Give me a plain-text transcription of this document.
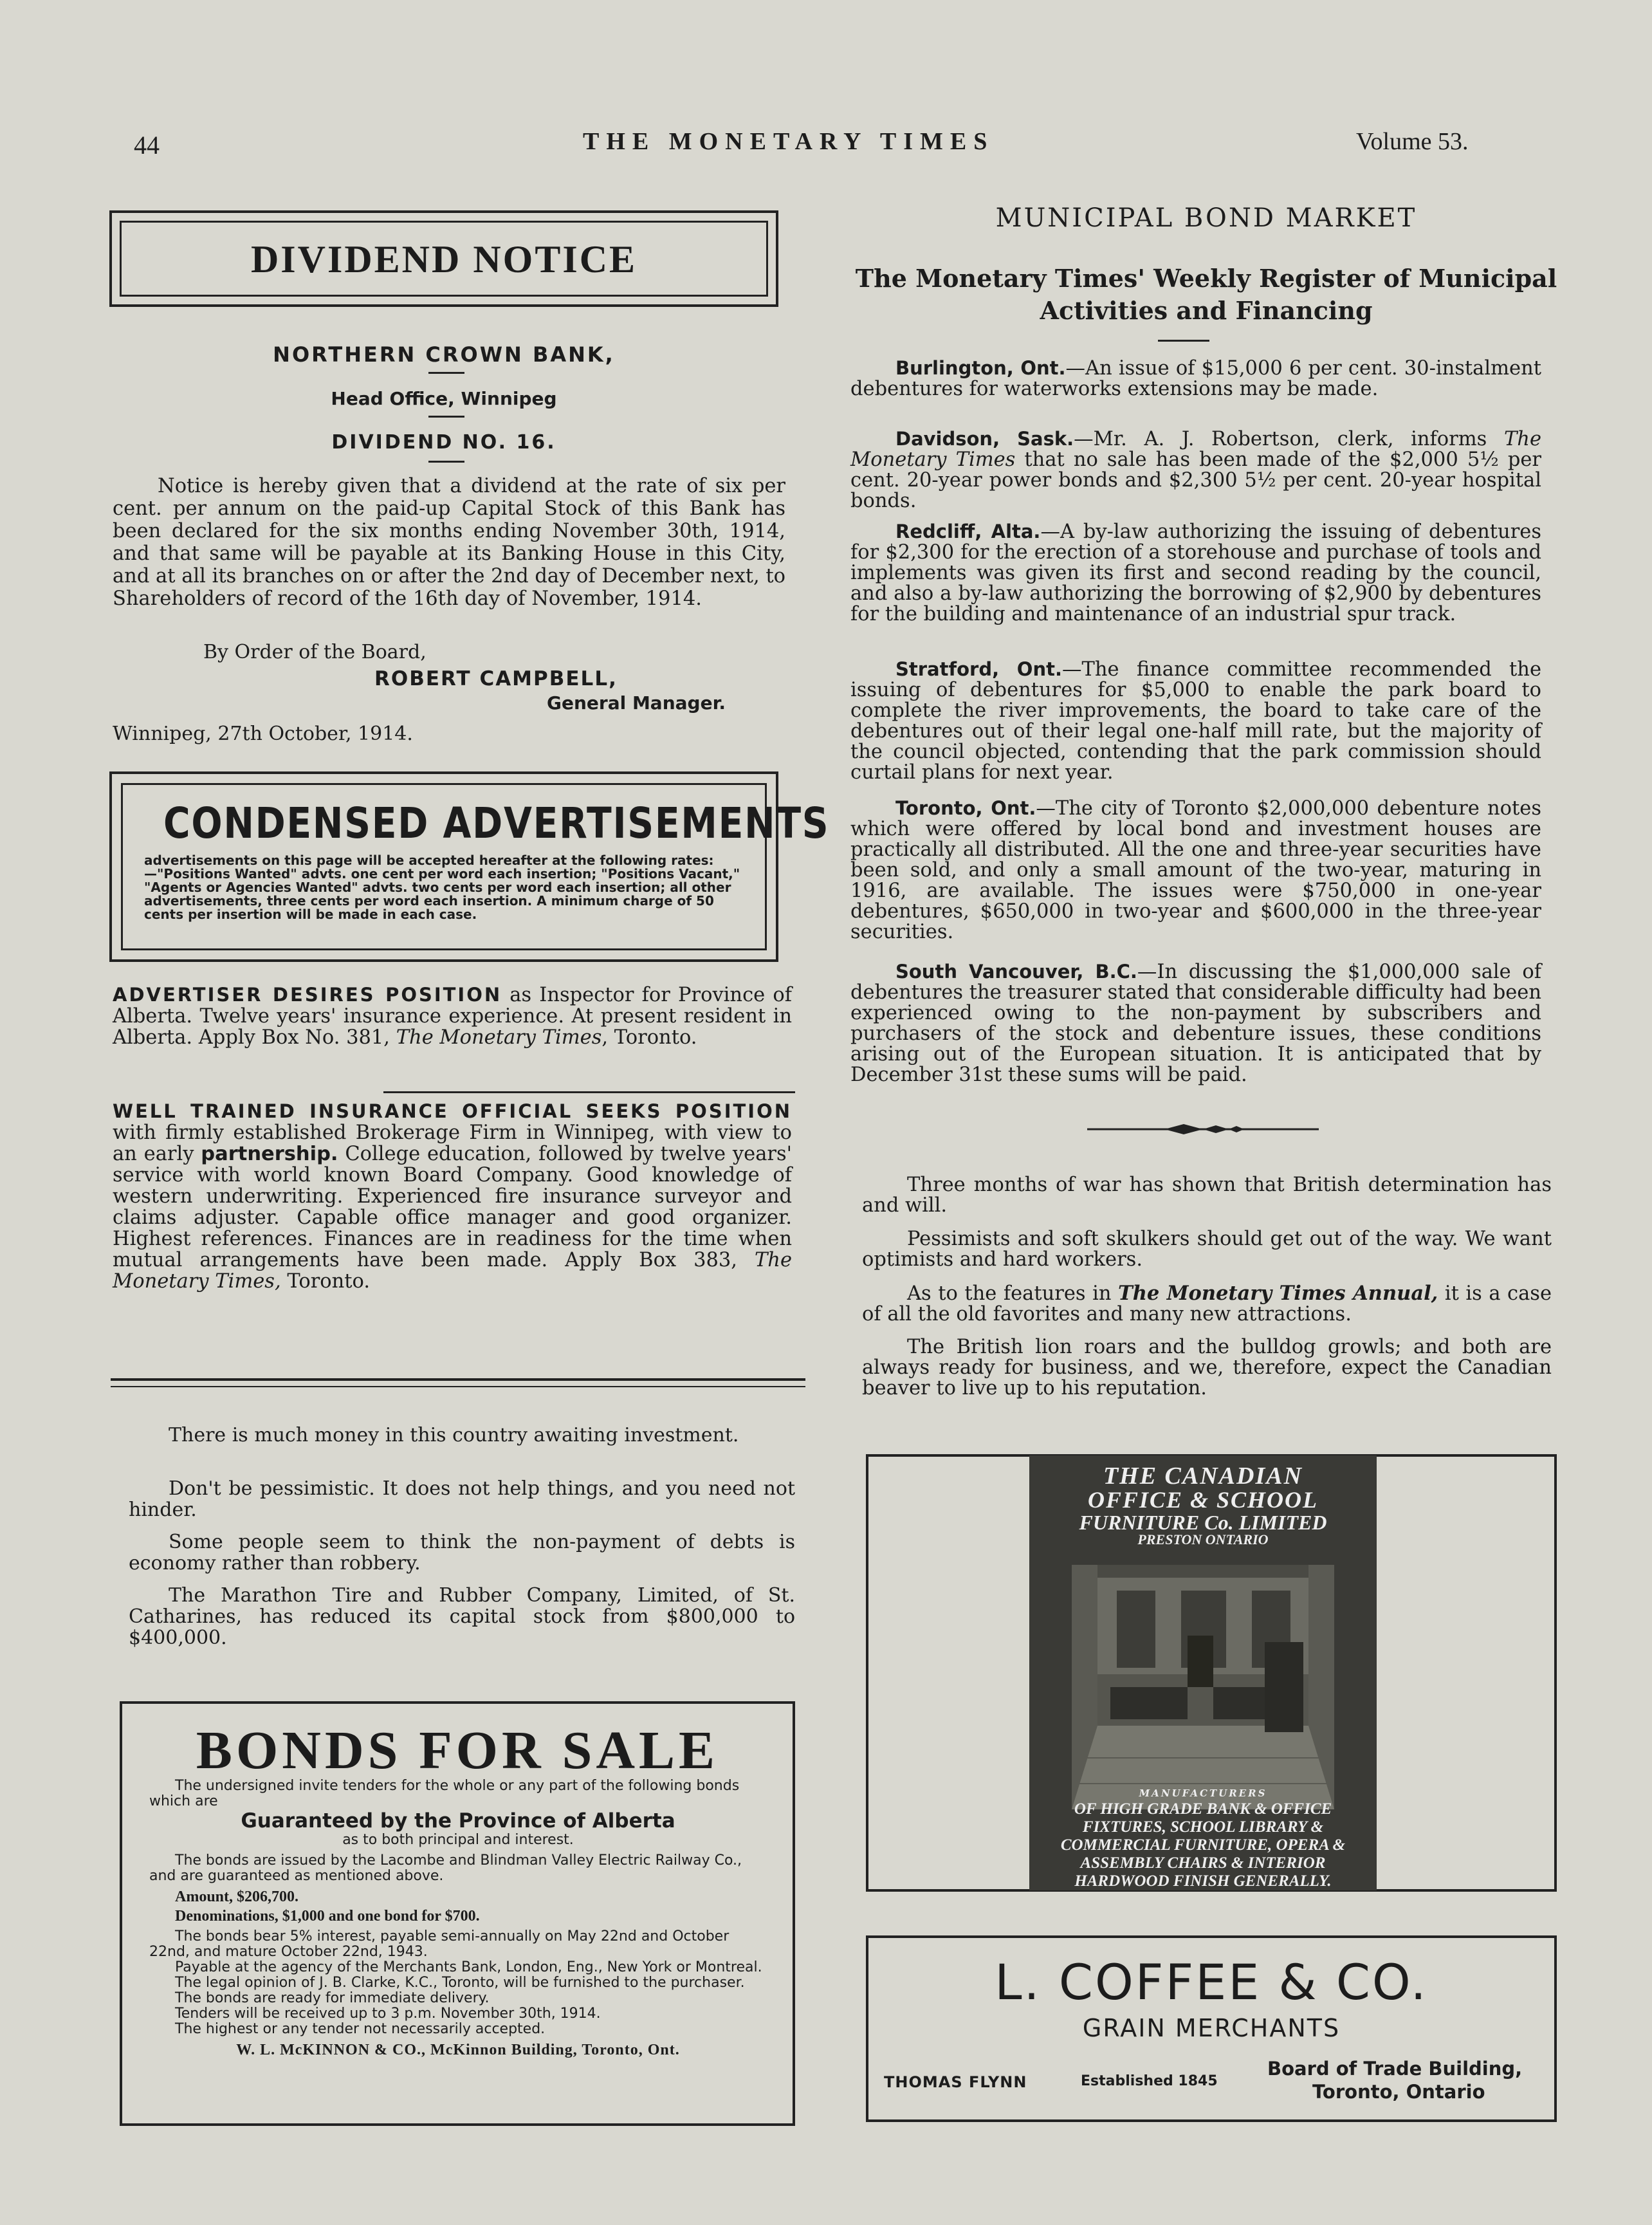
44	THE MONETARY TIMES	Volume 53.
DIVIDEND NOTICE
NORTHERN CROWN BANK,
Head Office, Winnipeg
DIVIDEND NO. 16.
Notice is hereby given that a dividend at the rate of six per cent. per annum on the paid-up Capital Stock of this Bank has been declared for the six months ending November 30th, 1914, and that same will be payable at its Banking House in this City, and at all its branches on or after the 2nd day of December next, to Shareholders of record of the 16th day of November, 1914.
By Order of the Board,
ROBERT CAMPBELL,
General Manager.
Winnipeg, 27th October, 1914.
CONDENSED ADVERTISEMENTS
advertisements on this page will be accepted hereafter at the following rates:—"Positions Wanted" advts. one cent per word each insertion; "Positions Vacant," "Agents or Agencies Wanted" advts. two cents per word each insertion; all other advertisements, three cents per word each insertion. A minimum charge of 50 cents per insertion will be made in each case.
ADVERTISER DESIRES POSITION as Inspector for Province of Alberta. Twelve years' insurance experience. At present resident in Alberta. Apply Box No. 381, The Monetary Times, Toronto.
WELL TRAINED INSURANCE OFFICIAL SEEKS POSITION with firmly established Brokerage Firm in Winnipeg, with view to an early partnership. College education, followed by twelve years' service with world known Board Company. Good knowledge of western underwriting. Experienced fire insurance surveyor and claims adjuster. Capable office manager and good organizer. Highest references. Finances are in readiness for the time when mutual arrangements have been made. Apply Box 383, The Monetary Times, Toronto.
There is much money in this country awaiting investment.
Don't be pessimistic. It does not help things, and you need not hinder.
Some people seem to think the non-payment of debts is economy rather than robbery.
The Marathon Tire and Rubber Company, Limited, of St. Catharines, has reduced its capital stock from $800,000 to $400,000.
BONDS FOR SALE
The undersigned invite tenders for the whole or any part of the following bonds which are
Guaranteed by the Province of Alberta
as to both principal and interest.
The bonds are issued by the Lacombe and Blindman Valley Electric Railway Co., and are guaranteed as mentioned above.
Amount, $206,700.
Denominations, $1,000 and one bond for $700.
The bonds bear 5% interest, payable semi-annually on May 22nd and October 22nd, and mature October 22nd, 1943.
Payable at the agency of the Merchants Bank, London, Eng., New York or Montreal.
The legal opinion of J. B. Clarke, K.C., Toronto, will be furnished to the purchaser.
The bonds are ready for immediate delivery.
Tenders will be received up to 3 p.m. November 30th, 1914.
The highest or any tender not necessarily accepted.
W. L. McKINNON & CO., McKinnon Building, Toronto, Ont.
MUNICIPAL BOND MARKET
The Monetary Times' Weekly Register of Municipal Activities and Financing
Burlington, Ont.—An issue of $15,000 6 per cent. 30-instalment debentures for waterworks extensions may be made.
Davidson, Sask.—Mr. A. J. Robertson, clerk, informs The Monetary Times that no sale has been made of the $2,000 5½ per cent. 20-year power bonds and $2,300 5½ per cent. 20-year hospital bonds.
Redcliff, Alta.—A by-law authorizing the issuing of debentures for $2,300 for the erection of a storehouse and purchase of tools and implements was given its first and second reading by the council, and also a by-law authorizing the borrowing of $2,900 by debentures for the building and maintenance of an industrial spur track.
Stratford, Ont.—The finance committee recommended the issuing of debentures for $5,000 to enable the park board to complete the river improvements, the board to take care of the debentures out of their legal one-half mill rate, but the majority of the council objected, contending that the park commission should curtail plans for next year.
Toronto, Ont.—The city of Toronto $2,000,000 debenture notes which were offered by local bond and investment houses are practically all distributed. All the one and three-year securities have been sold, and only a small amount of the two-year, maturing in 1916, are available. The issues were $750,000 in one-year debentures, $650,000 in two-year and $600,000 in the three-year securities.
South Vancouver, B.C.—In discussing the $1,000,000 sale of debentures the treasurer stated that considerable difficulty had been experienced owing to the non-payment by subscribers and purchasers of the stock and debenture issues, these conditions arising out of the European situation. It is anticipated that by December 31st these sums will be paid.
Three months of war has shown that British determination has and will.
Pessimists and soft skulkers should get out of the way. We want optimists and hard workers.
As to the features in The Monetary Times Annual, it is a case of all the old favorites and many new attractions.
The British lion roars and the bulldog growls; and both are always ready for business, and we, therefore, expect the Canadian beaver to live up to his reputation.
THE CANADIAN
OFFICE & SCHOOL
FURNITURE Co. LIMITED
PRESTON ONTARIO
MANUFACTURERS
OF HIGH GRADE BANK & OFFICE FIXTURES, SCHOOL LIBRARY & COMMERCIAL FURNITURE, OPERA & ASSEMBLY CHAIRS & INTERIOR HARDWOOD FINISH GENERALLY.
L. COFFEE & CO.
GRAIN MERCHANTS
THOMAS FLYNN	Established 1845
Board of Trade Building,
Toronto, Ontario
